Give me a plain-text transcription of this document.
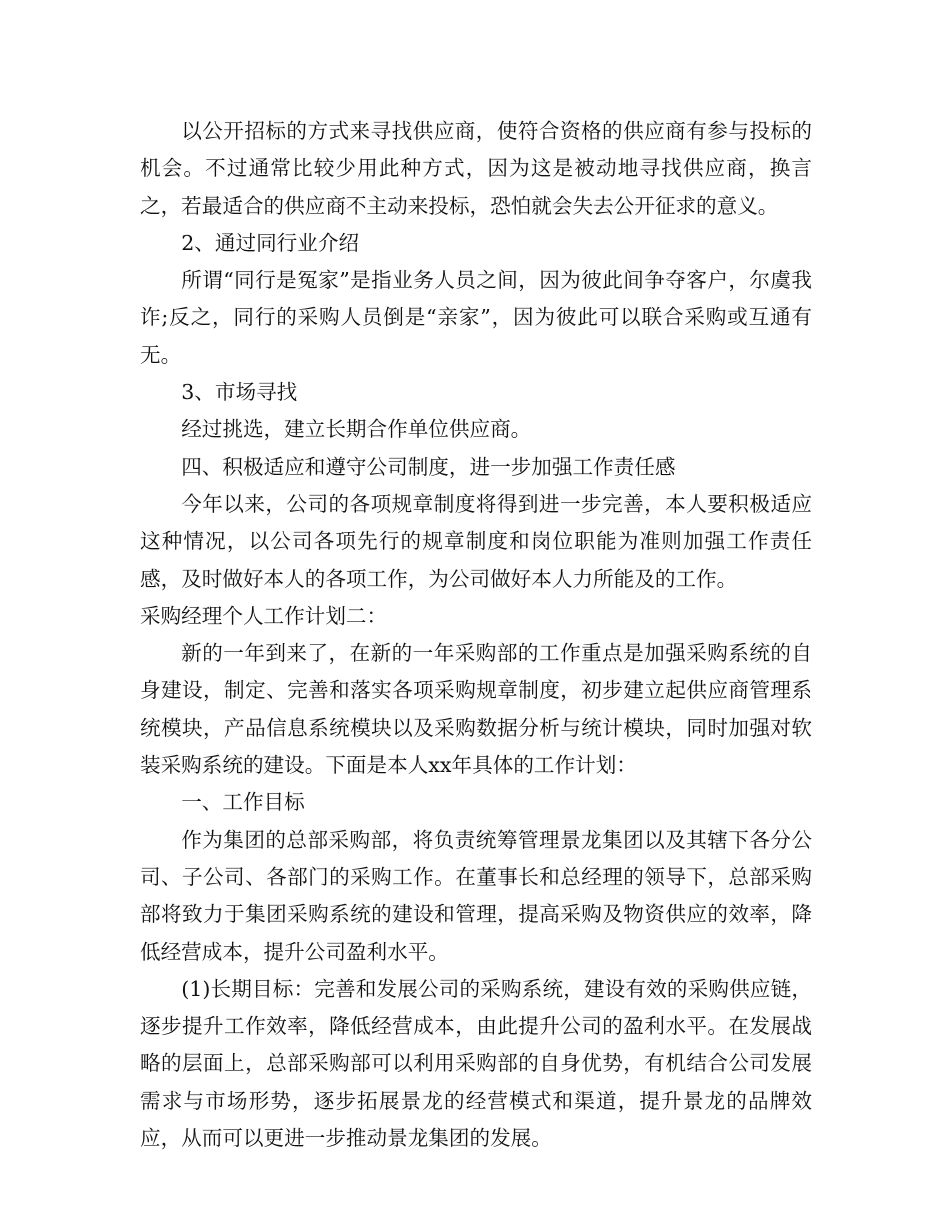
以公开招标的方式来寻找供应商，使符合资格的供应商有参与投标的机会。不过通常比较少用此种方式，因为这是被动地寻找供应商，换言之，若最适合的供应商不主动来投标，恐怕就会失去公开征求的意义。

2、通过同行业介绍

所谓“同行是冤家”是指业务人员之间，因为彼此间争夺客户，尔虞我诈;反之，同行的采购人员倒是“亲家”，因为彼此可以联合采购或互通有无。

3、市场寻找

经过挑选，建立长期合作单位供应商。

四、积极适应和遵守公司制度，进一步加强工作责任感

今年以来，公司的各项规章制度将得到进一步完善，本人要积极适应这种情况，以公司各项先行的规章制度和岗位职能为准则加强工作责任感，及时做好本人的各项工作，为公司做好本人力所能及的工作。

采购经理个人工作计划二：

新的一年到来了，在新的一年采购部的工作重点是加强采购系统的自身建设，制定、完善和落实各项采购规章制度，初步建立起供应商管理系统模块，产品信息系统模块以及采购数据分析与统计模块，同时加强对软装采购系统的建设。下面是本人xx年具体的工作计划：

一、工作目标

作为集团的总部采购部，将负责统筹管理景龙集团以及其辖下各分公司、子公司、各部门的采购工作。在董事长和总经理的领导下，总部采购部将致力于集团采购系统的建设和管理，提高采购及物资供应的效率，降低经营成本，提升公司盈利水平。

(1)长期目标：完善和发展公司的采购系统，建设有效的采购供应链，逐步提升工作效率，降低经营成本，由此提升公司的盈利水平。在发展战略的层面上，总部采购部可以利用采购部的自身优势，有机结合公司发展需求与市场形势，逐步拓展景龙的经营模式和渠道，提升景龙的品牌效应，从而可以更进一步推动景龙集团的发展。
